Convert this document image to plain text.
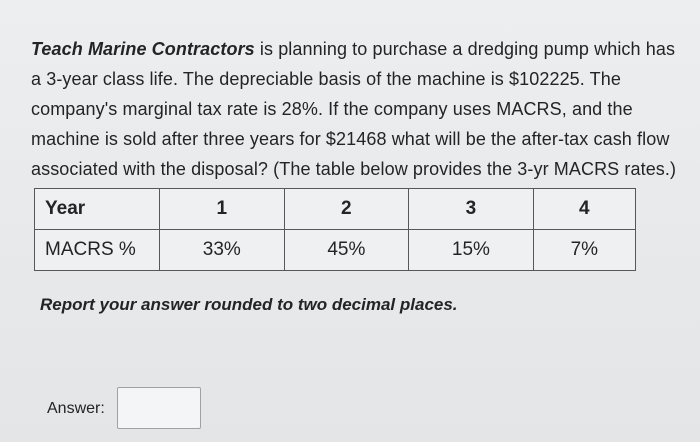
Teach Marine Contractors is planning to purchase a dredging pump which has a 3-year class life. The depreciable basis of the machine is $102225. The company's marginal tax rate is 28%. If the company uses MACRS, and the machine is sold after three years for $21468 what will be the after-tax cash flow associated with the disposal? (The table below provides the 3-yr MACRS rates.)
Year	1	2	3	4
MACRS %	33%	45%	15%	7%
Report your answer rounded to two decimal places.
Answer:
